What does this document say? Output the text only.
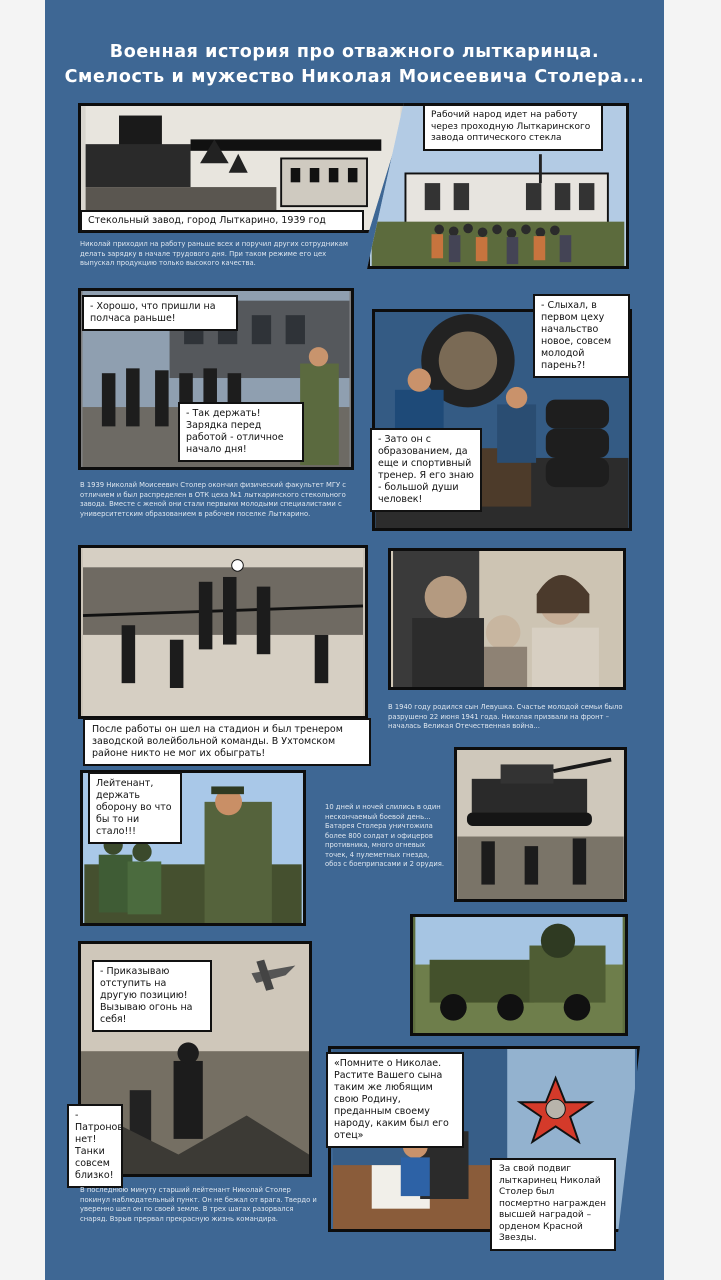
Военная история про отважного лыткаринца.
Смелость и мужество Николая Моисеевича Столера...
Стекольный завод, город Лыткарино, 1939 год
Рабочий народ идет на работу через проходную Лыткаринского завода оптического стекла
Николай приходил на работу раньше всех и поручил других сотрудникам делать зарядку в начале трудового дня. При таком режиме его цех выпускал продукцию только высокого качества.
- Хорошо, что пришли на полчаса раньше!
- Так держать! Зарядка перед работой - отличное начало дня!
- Слыхал, в первом цеху начальство новое, совсем молодой парень?!
- Зато он с образованием, да еще и спортивный тренер. Я его знаю - большой души человек!
В 1939 Николай Моисеевич Столер окончил физический факультет МГУ с отличием и был распределен в ОТК цеха №1 лыткаринского стекольного завода. Вместе с женой они стали первыми молодыми специалистами с университетским образованием в рабочем поселке Лыткарино.
После работы он шел на стадион и был тренером заводской волейбольной команды. В Ухтомском районе никто не мог их обыграть!
В 1940 году родился сын Левушка. Счастье молодой семьи было разрушено 22 июня 1941 года. Николая призвали на фронт – началась Великая Отечественная война...
Лейтенант, держать оборону во что бы то ни стало!!!
10 дней и ночей слились в один нескончаемый боевой день... Батарея Столера уничтожила более 800 солдат и офицеров противника, много огневых точек, 4 пулеметных гнезда, обоз с боеприпасами и 2 орудия.
- Приказываю отступить на другую позицию! Вызываю огонь на себя!
- Патронов нет! Танки совсем близко!
В последнюю минуту старший лейтенант Николай Столер покинул наблюдательный пункт. Он не бежал от врага. Твердо и уверенно шел он по своей земле. В трех шагах разорвался снаряд. Взрыв прервал прекрасную жизнь командира.
«Помните о Николае. Растите Вашего сына таким же любящим свою Родину, преданным своему народу, каким был его отец»
За свой подвиг лыткаринец Николай Столер был посмертно награжден высшей наградой – орденом Красной Звезды.
